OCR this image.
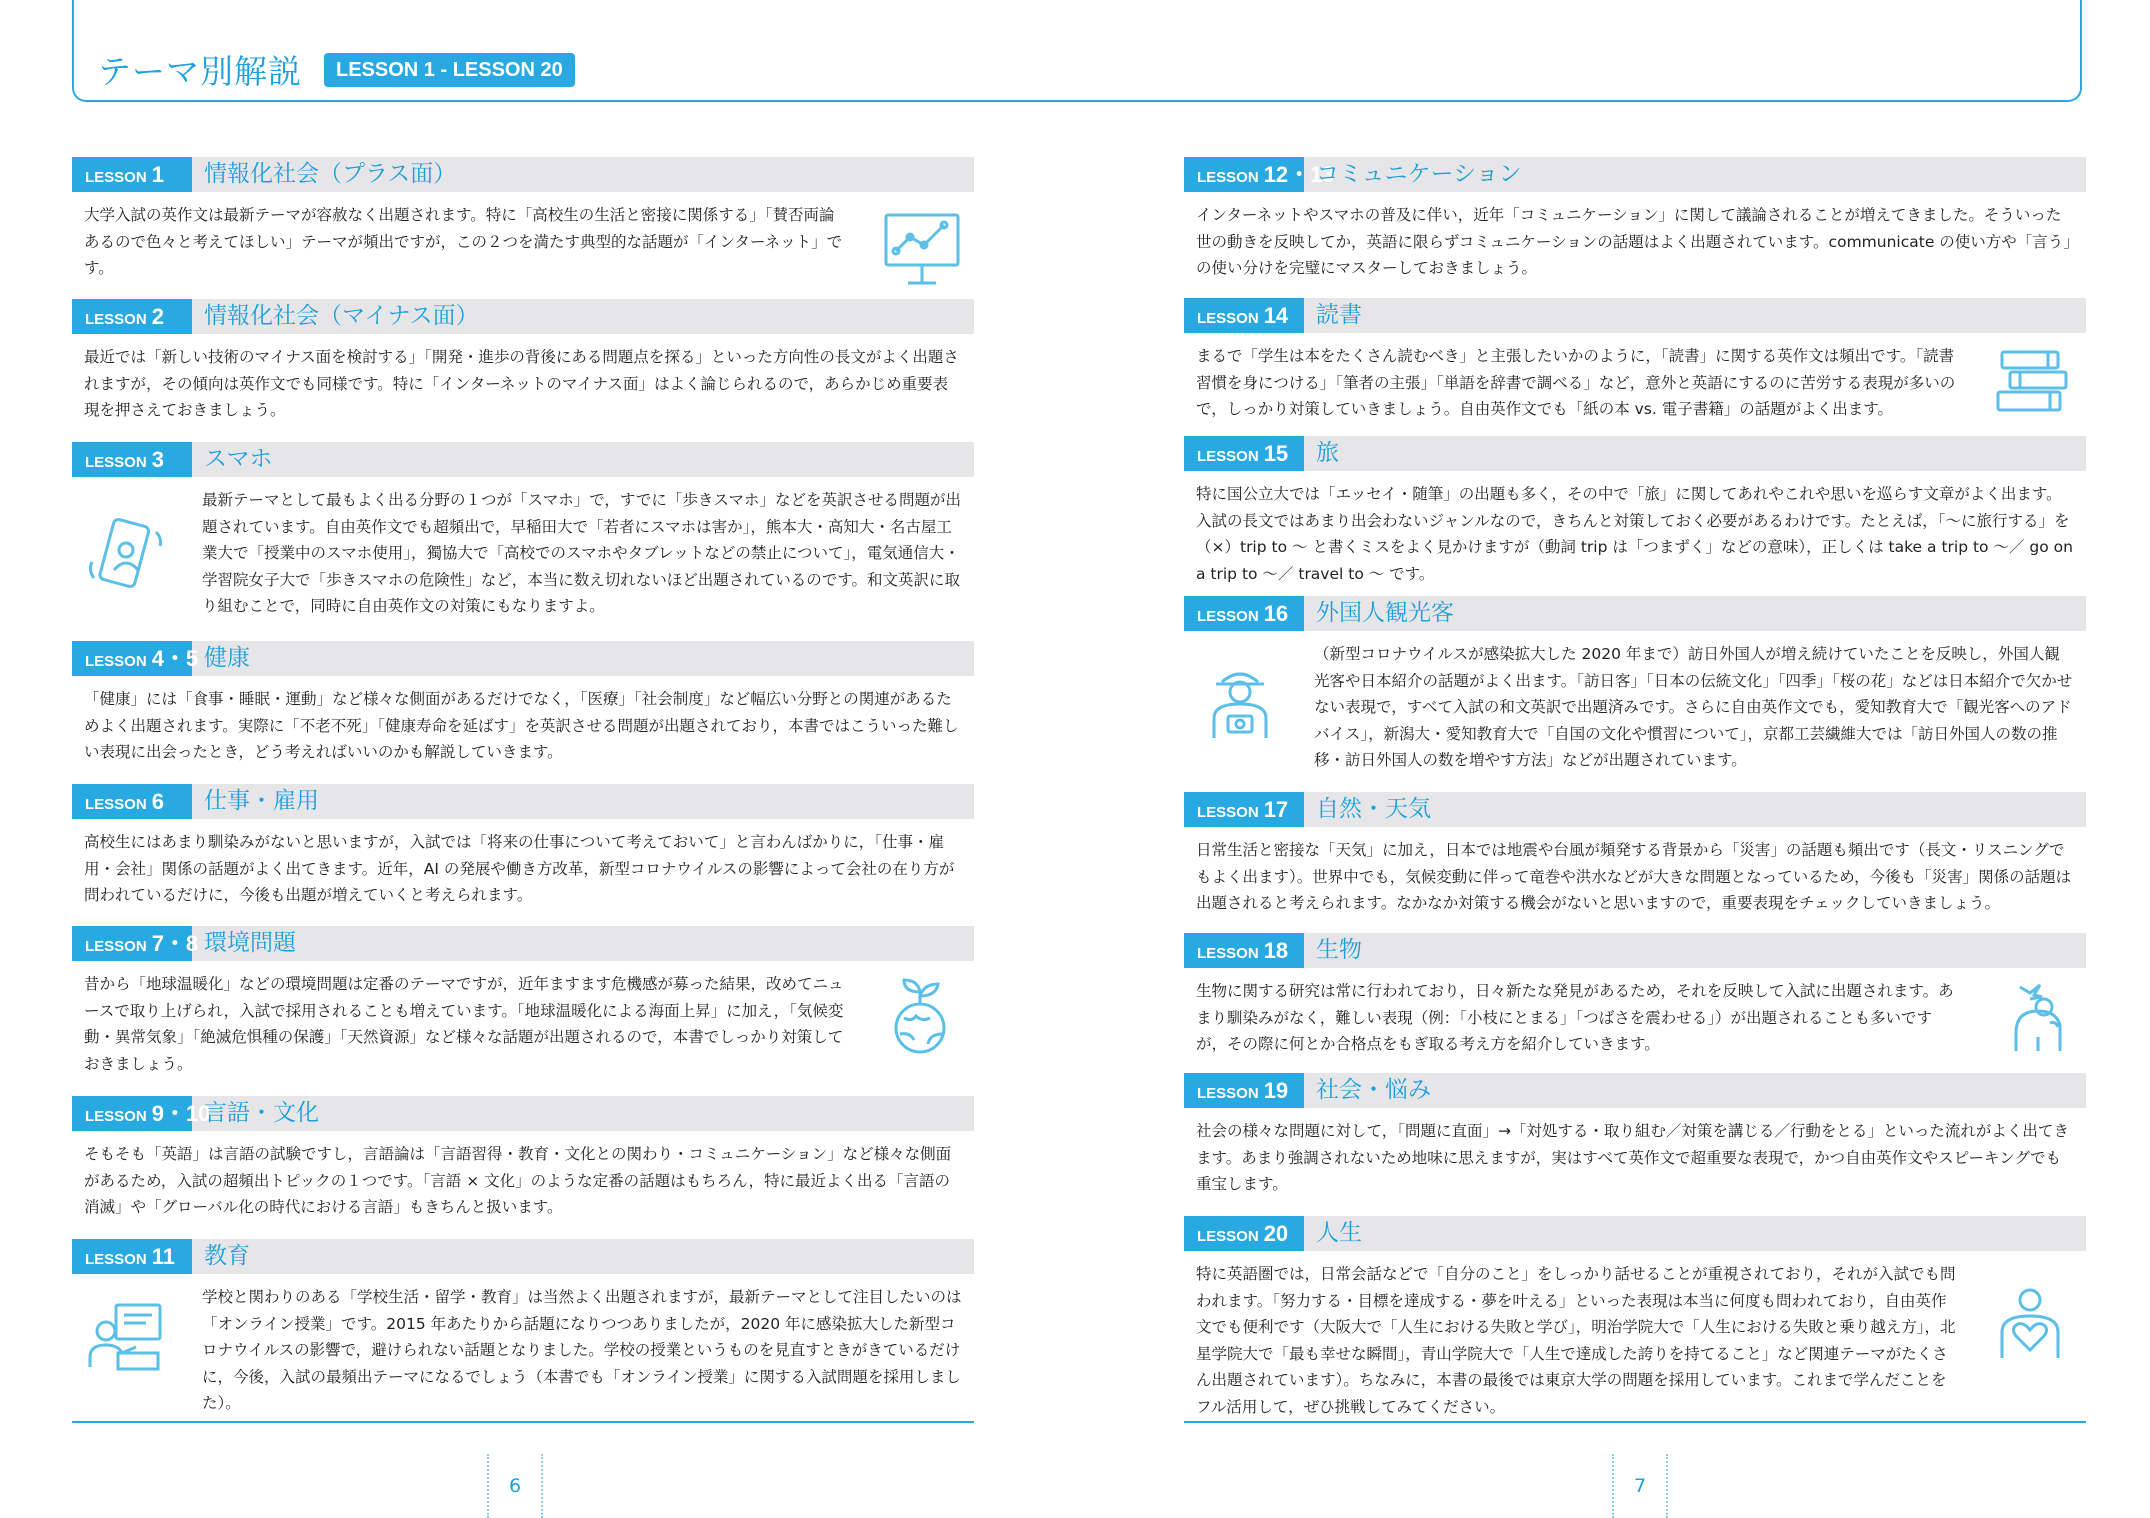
テーマ別解説	LESSON 1 - LESSON 20
LESSON 1	情報化社会（プラス面）

大学入試の英作文は最新テーマが容赦なく出題されます。特に「高校生の生活と密接に関係する」「賛否両論あるので色々と考えてほしい」テーマが頻出ですが，この２つを満たす典型的な話題が「インターネット」です。

LESSON 2	情報化社会（マイナス面）

最近では「新しい技術のマイナス面を検討する」「開発・進歩の背後にある問題点を探る」といった方向性の長文がよく出題されますが，その傾向は英作文でも同様です。特に「インターネットのマイナス面」はよく論じられるので，あらかじめ重要表現を押さえておきましょう。

LESSON 3	スマホ

最新テーマとして最もよく出る分野の１つが「スマホ」で，すでに「歩きスマホ」などを英訳させる問題が出題されています。自由英作文でも超頻出で，早稲田大で「若者にスマホは害か」，熊本大・高知大・名古屋工業大で「授業中のスマホ使用」，獨協大で「高校でのスマホやタブレットなどの禁止について」，電気通信大・学習院女子大で「歩きスマホの危険性」など，本当に数え切れないほど出題されているのです。和文英訳に取り組むことで，同時に自由英作文の対策にもなりますよ。

LESSON 4・5 健康

「健康」には「食事・睡眠・運動」など様々な側面があるだけでなく，「医療」「社会制度」など幅広い分野との関連があるためよく出題されます。実際に「不老不死」「健康寿命を延ばす」を英訳させる問題が出題されており，本書ではこういった難しい表現に出会ったとき，どう考えればいいのかも解説していきます。

LESSON 6	仕事・雇用

高校生にはあまり馴染みがないと思いますが，入試では「将来の仕事について考えておいて」と言わんばかりに，「仕事・雇用・会社」関係の話題がよく出てきます。近年，AI の発展や働き方改革，新型コロナウイルスの影響によって会社の在り方が問われているだけに，今後も出題が増えていくと考えられます。

LESSON 7・8 環境問題

昔から「地球温暖化」などの環境問題は定番のテーマですが，近年ますます危機感が募った結果，改めてニュースで取り上げられ，入試で採用されることも増えています。「地球温暖化による海面上昇」に加え，「気候変動・異常気象」「絶滅危惧種の保護」「天然資源」など様々な話題が出題されるので，本書でしっかり対策しておきましょう。

LESSON 9・10
言語・文化

そもそも「英語」は言語の試験ですし，言語論は「言語習得・教育・文化との関わり・コミュニケーション」など様々な側面があるため，入試の超頻出トピックの１つです。「言語 × 文化」のような定番の話題はもちろん，特に最近よく出る「言語の消滅」や「グローバル化の時代における言語」もきちんと扱います。

LESSON 11	教育

学校と関わりのある「学校生活・留学・教育」は当然よく出題されますが，最新テーマとして注目したいのは「オンライン授業」です。2015 年あたりから話題になりつつありましたが，2020 年に感染拡大した新型コロナウイルスの影響で，避けられない話題となりました。学校の授業というものを見直すときがきているだけに，今後，入試の最頻出テーマになるでしょう（本書でも「オンライン授業」に関する入試問題を採用しました）。

LESSON 12・13
コミュニケーション

インターネットやスマホの普及に伴い，近年「コミュニケーション」に関して議論されることが増えてきました。そういった世の動きを反映してか，英語に限らずコミュニケーションの話題はよく出題されています。communicate の使い方や「言う」の使い分けを完璧にマスターしておきましょう。

LESSON 14	読書

まるで「学生は本をたくさん読むべき」と主張したいかのように，「読書」に関する英作文は頻出です。「読書習慣を身につける」「筆者の主張」「単語を辞書で調べる」など，意外と英語にするのに苦労する表現が多いので，しっかり対策していきましょう。自由英作文でも「紙の本 vs. 電子書籍」の話題がよく出ます。

LESSON 15	旅

特に国公立大では「エッセイ・随筆」の出題も多く，その中で「旅」に関してあれやこれや思いを巡らす文章がよく出ます。入試の長文ではあまり出会わないジャンルなので，きちんと対策しておく必要があるわけです。たとえば，「～に旅行する」を（×）trip to ～ と書くミスをよく見かけますが（動詞 trip は「つまずく」などの意味），正しくは take a trip to ～／ go on a trip to ～／ travel to ～ です。

LESSON 16	外国人観光客

（新型コロナウイルスが感染拡大した 2020 年まで）訪日外国人が増え続けていたことを反映し，外国人観光客や日本紹介の話題がよく出ます。「訪日客」「日本の伝統文化」「四季」「桜の花」などは日本紹介で欠かせない表現で，すべて入試の和文英訳で出題済みです。さらに自由英作文でも，愛知教育大で「観光客へのアドバイス」，新潟大・愛知教育大で「自国の文化や慣習について」，京都工芸繊維大では「訪日外国人の数の推移・訪日外国人の数を増やす方法」などが出題されています。

LESSON 17	自然・天気

日常生活と密接な「天気」に加え，日本では地震や台風が頻発する背景から「災害」の話題も頻出です（長文・リスニングでもよく出ます）。世界中でも，気候変動に伴って竜巻や洪水などが大きな問題となっているため，今後も「災害」関係の話題は出題されると考えられます。なかなか対策する機会がないと思いますので，重要表現をチェックしていきましょう。

LESSON 18	生物

生物に関する研究は常に行われており，日々新たな発見があるため，それを反映して入試に出題されます。あまり馴染みがなく，難しい表現（例：「小枝にとまる」「つばさを震わせる」）が出題されることも多いですが，その際に何とか合格点をもぎ取る考え方を紹介していきます。

LESSON 19	社会・悩み

社会の様々な問題に対して，「問題に直面」→「対処する・取り組む／対策を講じる／行動をとる」といった流れがよく出てきます。あまり強調されないため地味に思えますが，実はすべて英作文で超重要な表現で，かつ自由英作文やスピーキングでも重宝します。

LESSON 20	人生

特に英語圏では，日常会話などで「自分のこと」をしっかり話せることが重視されており，それが入試でも問われます。「努力する・目標を達成する・夢を叶える」といった表現は本当に何度も問われており，自由英作文でも便利です（大阪大で「人生における失敗と学び」，明治学院大で「人生における失敗と乗り越え方」，北星学院大で「最も幸せな瞬間」，青山学院大で「人生で達成した誇りを持てること」など関連テーマがたくさん出題されています）。ちなみに，本書の最後では東京大学の問題を採用しています。これまで学んだことをフル活用して，ぜひ挑戦してみてください。

6	7
